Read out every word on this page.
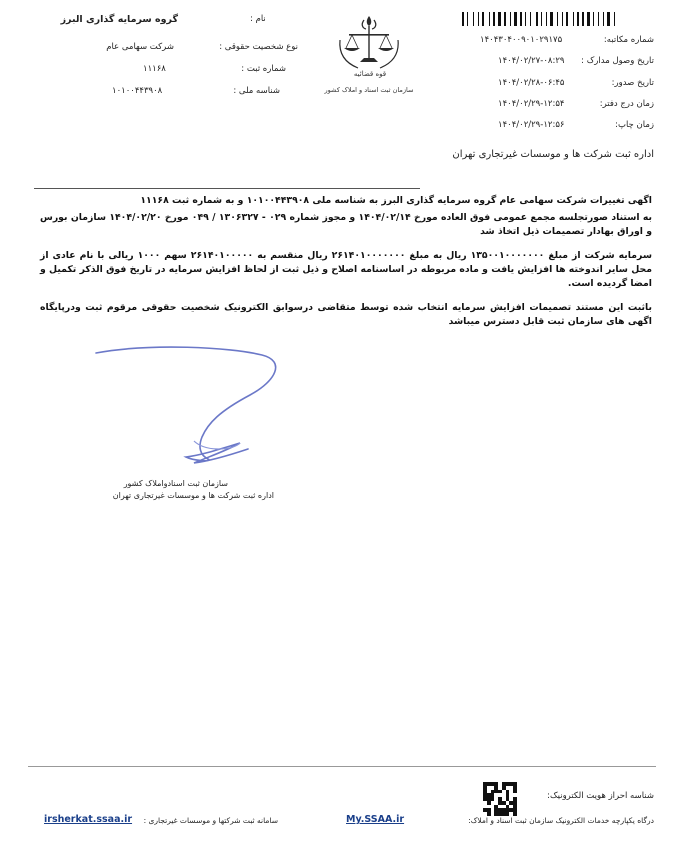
شماره مکاتبه:
۱۴۰۴۳۰۴۰۰۹۰۱۰۲۹۱۷۵
تاریخ وصول مدارک :
۱۴۰۴/۰۲/۲۷-۰۸:۲۹
تاریخ صدور:
۱۴۰۴/۰۲/۲۸-۰۶:۴۵
زمان درج دفتر:
۱۴۰۴/۰۲/۲۹-۱۲:۵۴
زمان چاپ:
۱۴۰۴/۰۲/۲۹-۱۲:۵۶
اداره ثبت شرکت ها و موسسات غیرتجاری تهران
قوه قضائیه
سازمان ثبت اسناد و املاک کشور
نام :
گروه سرمایه گذاری البرز
نوع شخصیت حقوقی :
شرکت سهامی عام
شماره ثبت :
۱۱۱۶۸
شناسه ملی :
۱۰۱۰۰۴۴۳۹۰۸
اگهی تغییرات شرکت سهامی عام گروه سرمایه گذاری البرز به شناسه ملی ۱۰۱۰۰۴۴۳۹۰۸ و به شماره ثبت ۱۱۱۶۸
به استناد صورتجلسه مجمع عمومی فوق العاده مورخ ۱۴۰۴/۰۲/۱۴ و مجوز شماره ۰۲۹ - ۱۳۰۶۳۲۷ / ۰۴۹ مورخ ۱۴۰۴/۰۲/۲۰ سازمان بورس و اوراق بهادار تصمیمات ذیل اتخاذ شد
سرمایه شرکت از مبلغ ۱۳۵۰۰۱۰۰۰۰۰۰۰ ریال به مبلغ ۲۶۱۴۰۱۰۰۰۰۰۰۰ ریال منقسم به ۲۶۱۴۰۱۰۰۰۰۰ سهم ۱۰۰۰ ریالی با نام عادی از محل سایر اندوخته ها افزایش یافت و ماده مربوطه در اساسنامه اصلاح و ذیل ثبت از لحاظ افزایش سرمایه در تاریخ فوق الذکر تکمیل و امضا گردیده است.
باثبت این مستند تصمیمات افزایش سرمایه انتخاب شده توسط متقاضی درسوابق الکترونیک شخصیت حقوقی مرقوم ثبت ودرپایگاه اگهی های سازمان ثبت قابل دسترس میباشد
سازمان ثبت اسنادواملاک کشور
اداره ثبت شرکت ها و موسسات غیرتجاری تهران
شناسه احراز هویت الکترونیک:
درگاه یکپارچه خدمات الکترونیک سازمان ثبت اسناد و املاک:
My.SSAA.ir
سامانه ثبت شرکتها و موسسات غیرتجاری :
irsherkat.ssaa.ir
